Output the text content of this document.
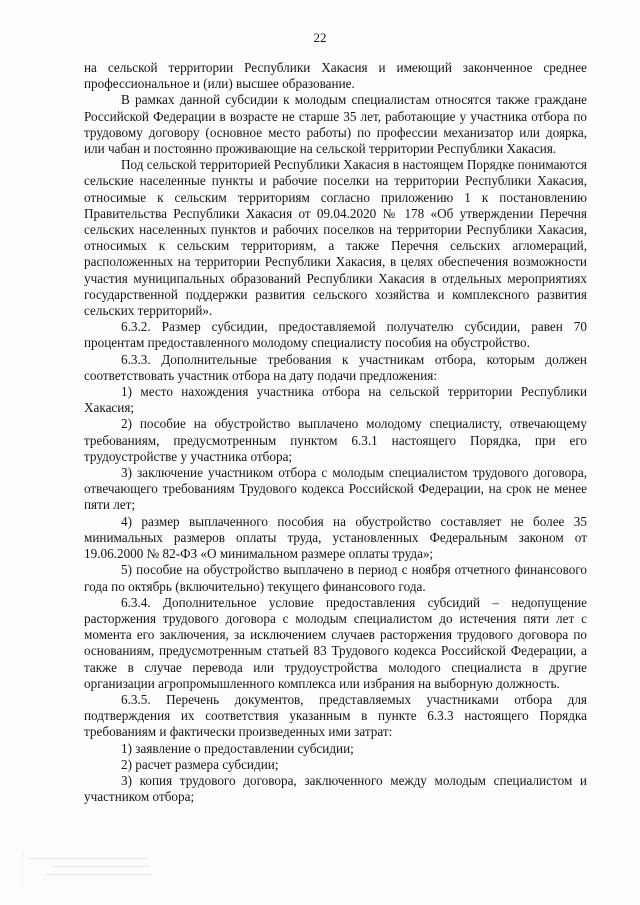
22

на сельской территории Республики Хакасия и имеющий законченное среднее профессиональное и (или) высшее образование.

В рамках данной субсидии к молодым специалистам относятся также граждане Российской Федерации в возрасте не старше 35 лет, работающие у участника отбора по трудовому договору (основное место работы) по профессии механизатор или доярка, или чабан и постоянно проживающие на сельской территории Республики Хакасия.

Под сельской территорией Республики Хакасия в настоящем Порядке понимаются сельские населенные пункты и рабочие поселки на территории Республики Хакасия, относимые к сельским территориям согласно приложению 1 к постановлению Правительства Республики Хакасия от 09.04.2020 № 178 «Об утверждении Перечня сельских населенных пунктов и рабочих поселков на территории Республики Хакасия, относимых к сельским территориям, а также Перечня сельских агломераций, расположенных на территории Республики Хакасия, в целях обеспечения возможности участия муниципальных образований Республики Хакасия в отдельных мероприятиях государственной поддержки развития сельского хозяйства и комплексного развития сельских территорий».

6.3.2. Размер субсидии, предоставляемой получателю субсидии, равен 70 процентам предоставленного молодому специалисту пособия на обустройство.

6.3.3. Дополнительные требования к участникам отбора, которым должен соответствовать участник отбора на дату подачи предложения:

1) место нахождения участника отбора на сельской территории Республики Хакасия;

2) пособие на обустройство выплачено молодому специалисту, отвечающему требованиям, предусмотренным пунктом 6.3.1 настоящего Порядка, при его трудоустройстве у участника отбора;

3) заключение участником отбора с молодым специалистом трудового договора, отвечающего требованиям Трудового кодекса Российской Федерации, на срок не менее пяти лет;

4) размер выплаченного пособия на обустройство составляет не более 35 минимальных размеров оплаты труда, установленных Федеральным законом от 19.06.2000 № 82-ФЗ «О минимальном размере оплаты труда»;

5) пособие на обустройство выплачено в период с ноября отчетного финансового года по октябрь (включительно) текущего финансового года.

6.3.4. Дополнительное условие предоставления субсидий – недопущение расторжения трудового договора с молодым специалистом до истечения пяти лет с момента его заключения, за исключением случаев расторжения трудового договора по основаниям, предусмотренным статьей 83 Трудового кодекса Российской Федерации, а также в случае перевода или трудоустройства молодого специалиста в другие организации агропромышленного комплекса или избрания на выборную должность.

6.3.5. Перечень документов, представляемых участниками отбора для подтверждения их соответствия указанным в пункте 6.3.3 настоящего Порядка требованиям и фактически произведенных ими затрат:

1) заявление о предоставлении субсидии;

2) расчет размера субсидии;

3) копия трудового договора, заключенного между молодым специалистом и участником отбора;
